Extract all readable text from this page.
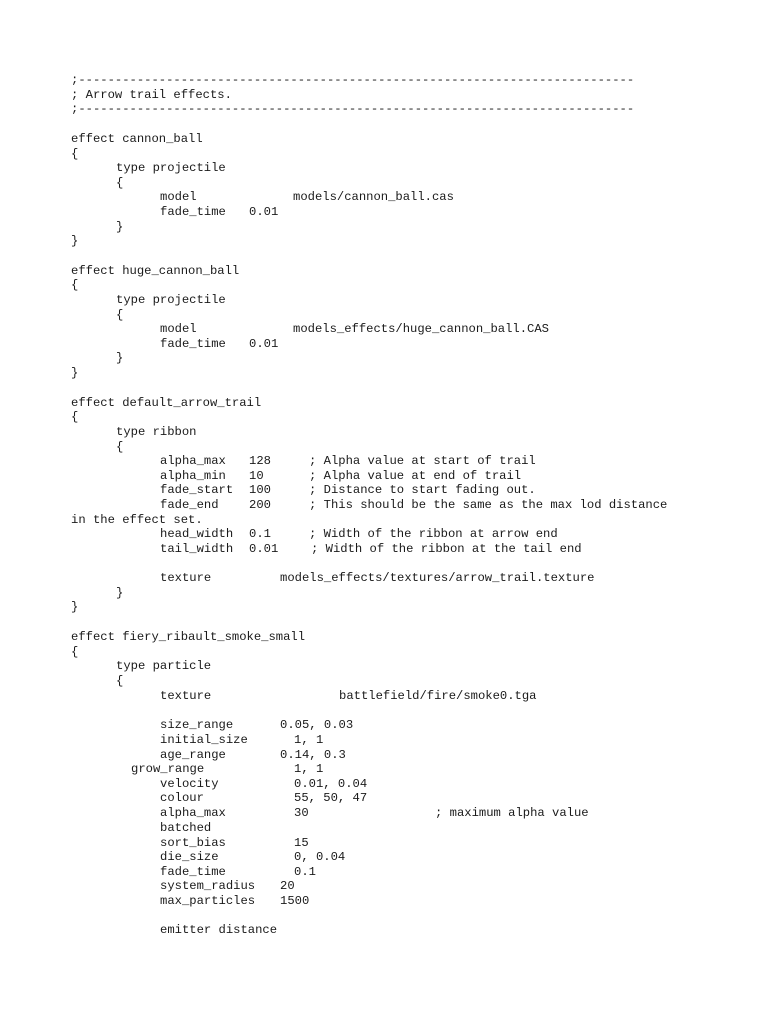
;----------------------------------------------------------------------------
; Arrow trail effects.
;----------------------------------------------------------------------------
effect cannon_ball
{
type projectile
{
model	models/cannon_ball.cas
fade_time 0.01
}
}
effect huge_cannon_ball
{
type projectile
{
model	models_effects/huge_cannon_ball.CAS
fade_time 0.01
}
}
effect default_arrow_trail
{
type ribbon
{
alpha_max 128	; Alpha value at start of trail
alpha_min 10	; Alpha value at end of trail
fade_start 100	; Distance to start fading out.
fade_end 200	; This should be the same as the max lod distance
in the effect set.
head_width 0.1	; Width of the ribbon at arrow end
tail_width 0.01	; Width of the ribbon at the tail end
texture	models_effects/textures/arrow_trail.texture
}
}
effect fiery_ribault_smoke_small
{
type particle
{
texture	battlefield/fire/smoke0.tga
size_range	0.05, 0.03
initial_size	1, 1
age_range	0.14, 0.3
grow_range	1, 1
velocity	0.01, 0.04
colour	55, 50, 47
alpha_max	30	; maximum alpha value
batched
sort_bias	15
die_size	0, 0.04
fade_time	0.1
system_radius 20
max_particles 1500
emitter distance
